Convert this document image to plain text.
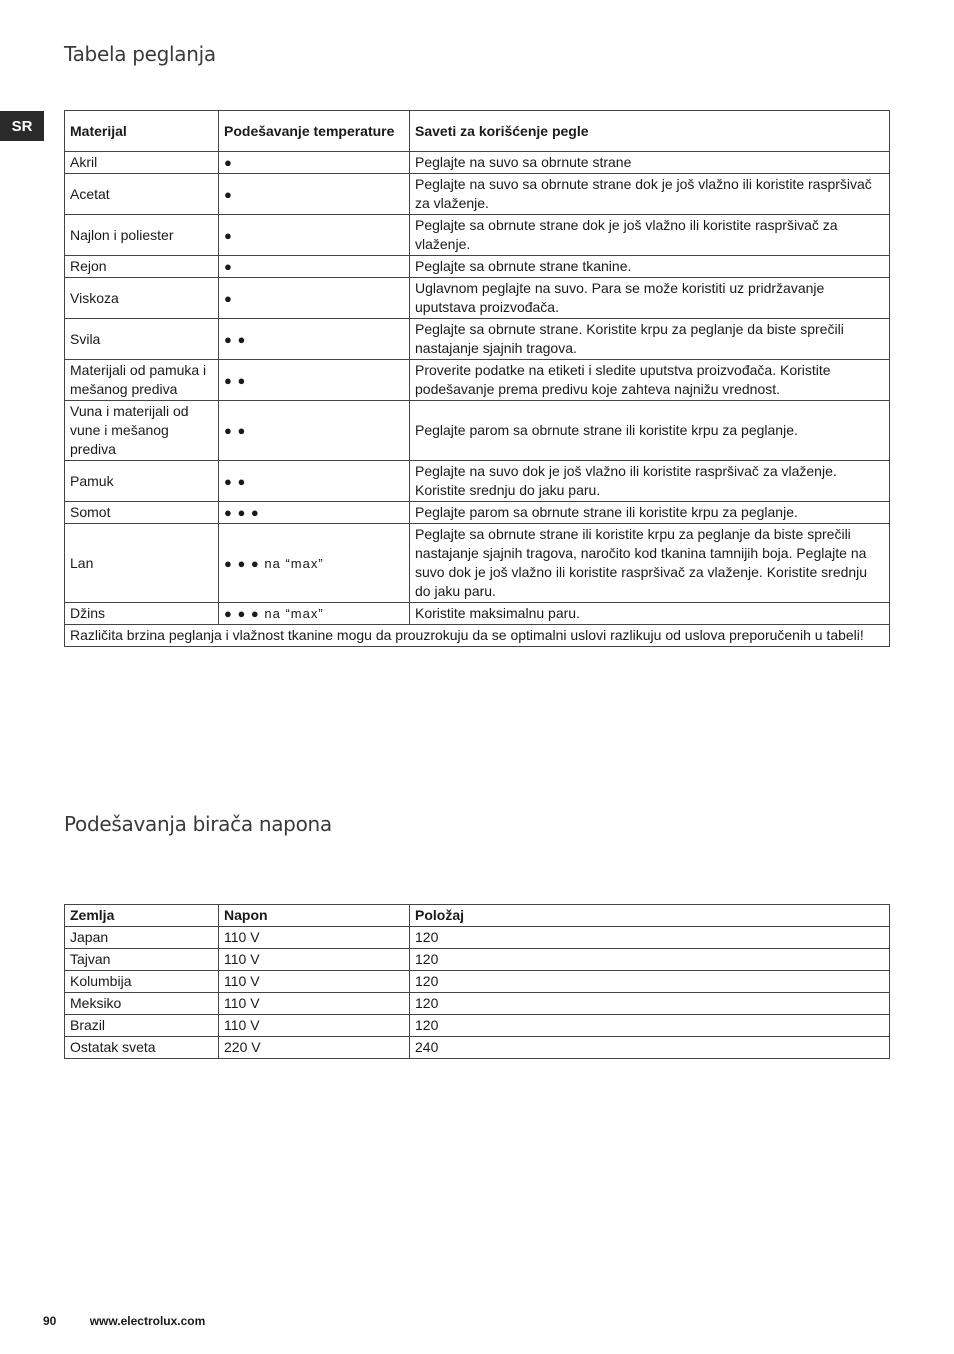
SR
Tabela peglanja
Materijal	Podešavanje temperature	Saveti za korišćenje pegle
Akril	●	Peglajte na suvo sa obrnute strane
Acetat	●	Peglajte na suvo sa obrnute strane dok je još vlažno ili koristite raspršivač za vlaženje.
Najlon i poliester	●	Peglajte sa obrnute strane dok je još vlažno ili koristite raspršivač za vlaženje.
Rejon	●	Peglajte sa obrnute strane tkanine.
Viskoza	●	Uglavnom peglajte na suvo. Para se može koristiti uz pridržavanje uputstava proizvođača.
Svila	● ●	Peglajte sa obrnute strane. Koristite krpu za peglanje da biste sprečili nastajanje sjajnih tragova.
Materijali od pamuka i mešanog prediva	● ●	Proverite podatke na etiketi i sledite uputstva proizvođača. Koristite podešavanje prema predivu koje zahteva najnižu vrednost.
Vuna i materijali od vune i mešanog prediva	● ●	Peglajte parom sa obrnute strane ili koristite krpu za peglanje.
Pamuk	● ●	Peglajte na suvo dok je još vlažno ili koristite raspršivač za vlaženje. Koristite srednju do jaku paru.
Somot	● ● ●	Peglajte parom sa obrnute strane ili koristite krpu za peglanje.
Lan	● ● ● na “max”	Peglajte sa obrnute strane ili koristite krpu za peglanje da biste sprečili nastajanje sjajnih tragova, naročito kod tkanina tamnijih boja. Peglajte na suvo dok je još vlažno ili koristite raspršivač za vlaženje. Koristite srednju do jaku paru.
Džins	● ● ● na “max”	Koristite maksimalnu paru.
Različita brzina peglanja i vlažnost tkanine mogu da prouzrokuju da se optimalni uslovi razlikuju od uslova preporučenih u tabeli!		
Podešavanja birača napona
Zemlja	Napon	Položaj
Japan	110 V	120
Tajvan	110 V	120
Kolumbija	110 V	120
Meksiko	110 V	120
Brazil	110 V	120
Ostatak sveta	220 V	240
90	www.electrolux.com
